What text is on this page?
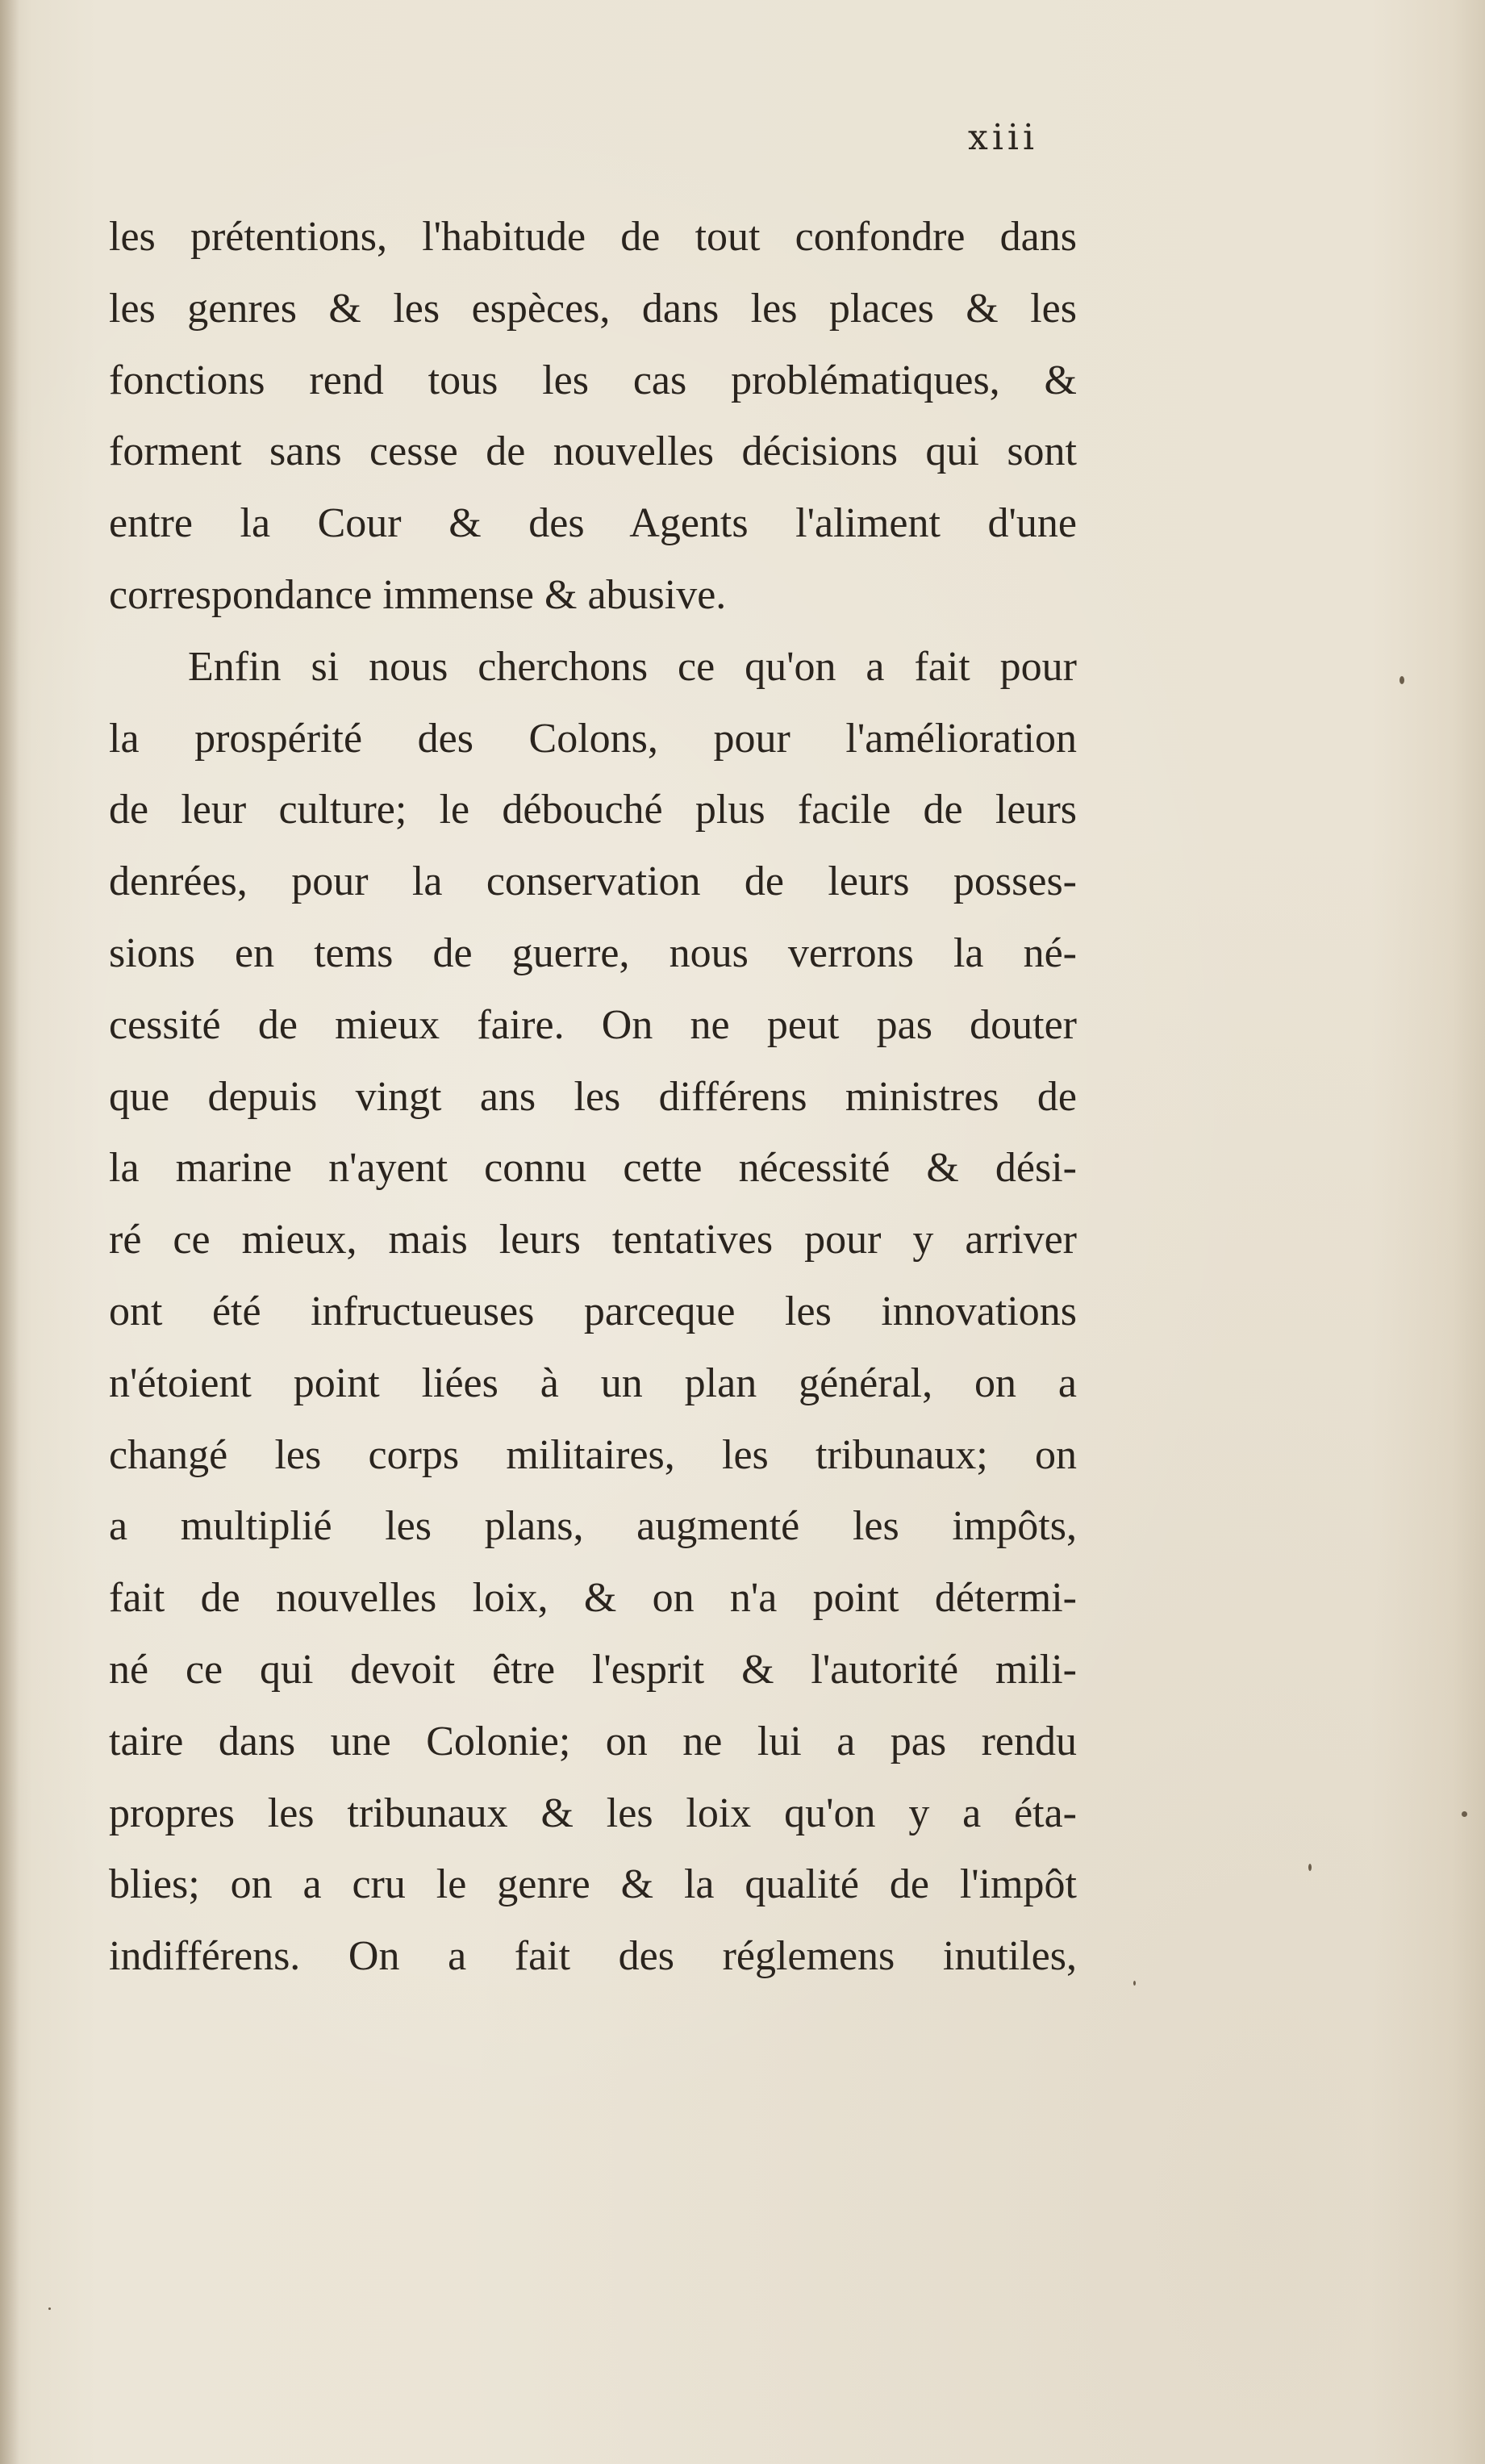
xiii
les prétentions, l'habitude de tout confondre dans
les genres & les espèces, dans les places & les
fonctions rend tous les cas problématiques, &
forment sans cesse de nouvelles décisions qui sont
entre la Cour & des Agents l'aliment d'une
correspondance immense & abusive.
Enfin si nous cherchons ce qu'on a fait pour
la prospérité des Colons, pour l'amélioration
de leur culture; le débouché plus facile de leurs
denrées, pour la conservation de leurs posses-
sions en tems de guerre, nous verrons la né-
cessité de mieux faire. On ne peut pas douter
que depuis vingt ans les différens ministres de
la marine n'ayent connu cette nécessité & dési-
ré ce mieux, mais leurs tentatives pour y arriver
ont été infructueuses parceque les innovations
n'étoient point liées à un plan général, on a
changé les corps militaires, les tribunaux; on
a multiplié les plans, augmenté les impôts,
fait de nouvelles loix, & on n'a point détermi-
né ce qui devoit être l'esprit & l'autorité mili-
taire dans une Colonie; on ne lui a pas rendu
propres les tribunaux & les loix qu'on y a éta-
blies; on a cru le genre & la qualité de l'impôt
indifférens. On a fait des réglemens inutiles,
